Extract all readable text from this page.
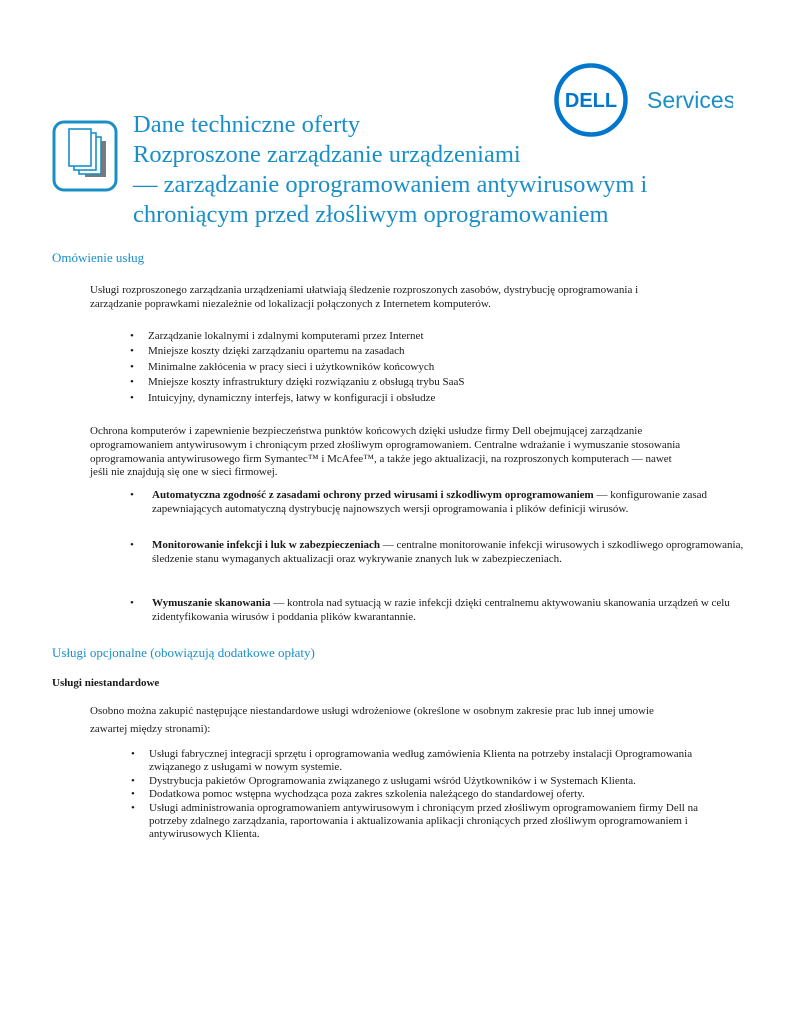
DELL Services
Dane techniczne oferty
Rozproszone zarządzanie urządzeniami
— zarządzanie oprogramowaniem antywirusowym i
chroniącym przed złośliwym oprogramowaniem
Omówienie usług
Usługi rozproszonego zarządzania urządzeniami ułatwiają śledzenie rozproszonych zasobów, dystrybucję oprogramowania i
zarządzanie poprawkami niezależnie od lokalizacji połączonych z Internetem komputerów.
• Zarządzanie lokalnymi i zdalnymi komputerami przez Internet
• Mniejsze koszty dzięki zarządzaniu opartemu na zasadach
• Minimalne zakłócenia w pracy sieci i użytkowników końcowych
• Mniejsze koszty infrastruktury dzięki rozwiązaniu z obsługą trybu SaaS
• Intuicyjny, dynamiczny interfejs, łatwy w konfiguracji i obsłudze
Ochrona komputerów i zapewnienie bezpieczeństwa punktów końcowych dzięki usłudze firmy Dell obejmującej zarządzanie
oprogramowaniem antywirusowym i chroniącym przed złośliwym oprogramowaniem. Centralne wdrażanie i wymuszanie stosowania
oprogramowania antywirusowego firm Symantec™ i McAfee™, a także jego aktualizacji, na rozproszonych komputerach — nawet
jeśli nie znajdują się one w sieci firmowej.
• Automatyczna zgodność z zasadami ochrony przed wirusami i szkodliwym oprogramowaniem — konfigurowanie zasad
zapewniających automatyczną dystrybucję najnowszych wersji oprogramowania i plików definicji wirusów.
• Monitorowanie infekcji i luk w zabezpieczeniach — centralne monitorowanie infekcji wirusowych i szkodliwego oprogramowania,
śledzenie stanu wymaganych aktualizacji oraz wykrywanie znanych luk w zabezpieczeniach.
• Wymuszanie skanowania — kontrola nad sytuacją w razie infekcji dzięki centralnemu aktywowaniu skanowania urządzeń w celu
zidentyfikowania wirusów i poddania plików kwarantannie.
Usługi opcjonalne (obowiązują dodatkowe opłaty)
Usługi niestandardowe
Osobno można zakupić następujące niestandardowe usługi wdrożeniowe (określone w osobnym zakresie prac lub innej umowie
zawartej między stronami):
• Usługi fabrycznej integracji sprzętu i oprogramowania według zamówienia Klienta na potrzeby instalacji Oprogramowania
związanego z usługami w nowym systemie.
• Dystrybucja pakietów Oprogramowania związanego z usługami wśród Użytkowników i w Systemach Klienta.
• Dodatkowa pomoc wstępna wychodząca poza zakres szkolenia należącego do standardowej oferty.
• Usługi administrowania oprogramowaniem antywirusowym i chroniącym przed złośliwym oprogramowaniem firmy Dell na
potrzeby zdalnego zarządzania, raportowania i aktualizowania aplikacji chroniących przed złośliwym oprogramowaniem i
antywirusowych Klienta.
